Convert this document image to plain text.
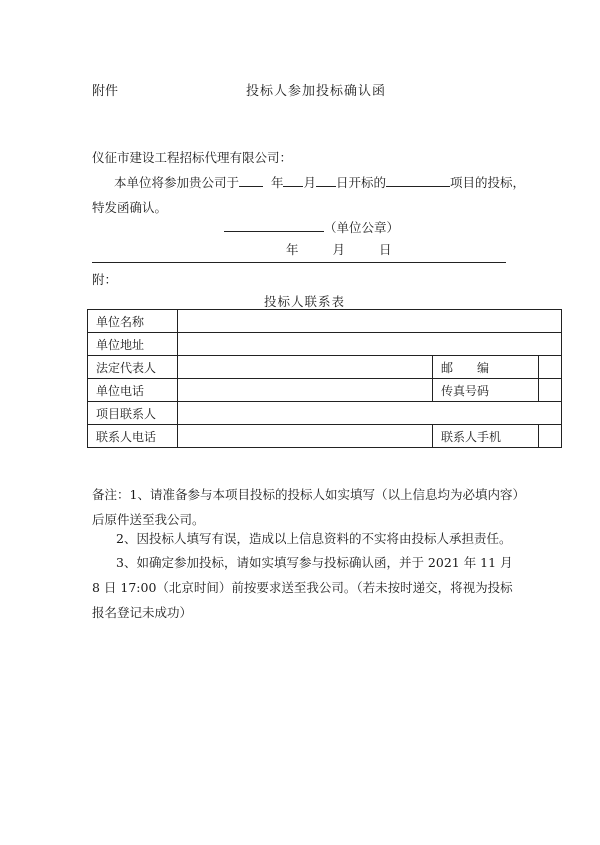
附件	投标人参加投标确认函
仪征市建设工程招标代理有限公司：
本单位将参加贵公司于	年 月 日开标的	项目的投标，
特发函确认。
（单位公章）
年	月	日
附：
投标人联系表
单位名称			
单位地址			
法定代表人		邮　　编	
单位电话		传真号码	
项目联系人			
联系人电话		联系人手机	
备注：1、请准备参与本项目投标的投标人如实填写（以上信息均为必填内容）后原件送至我公司。
2、因投标人填写有误，造成以上信息资料的不实将由投标人承担责任。
3、如确定参加投标，请如实填写参与投标确认函，并于 2021 年 11 月 8 日 17:00（北京时间）前按要求送至我公司。（若未按时递交，将视为投标报名登记未成功）
